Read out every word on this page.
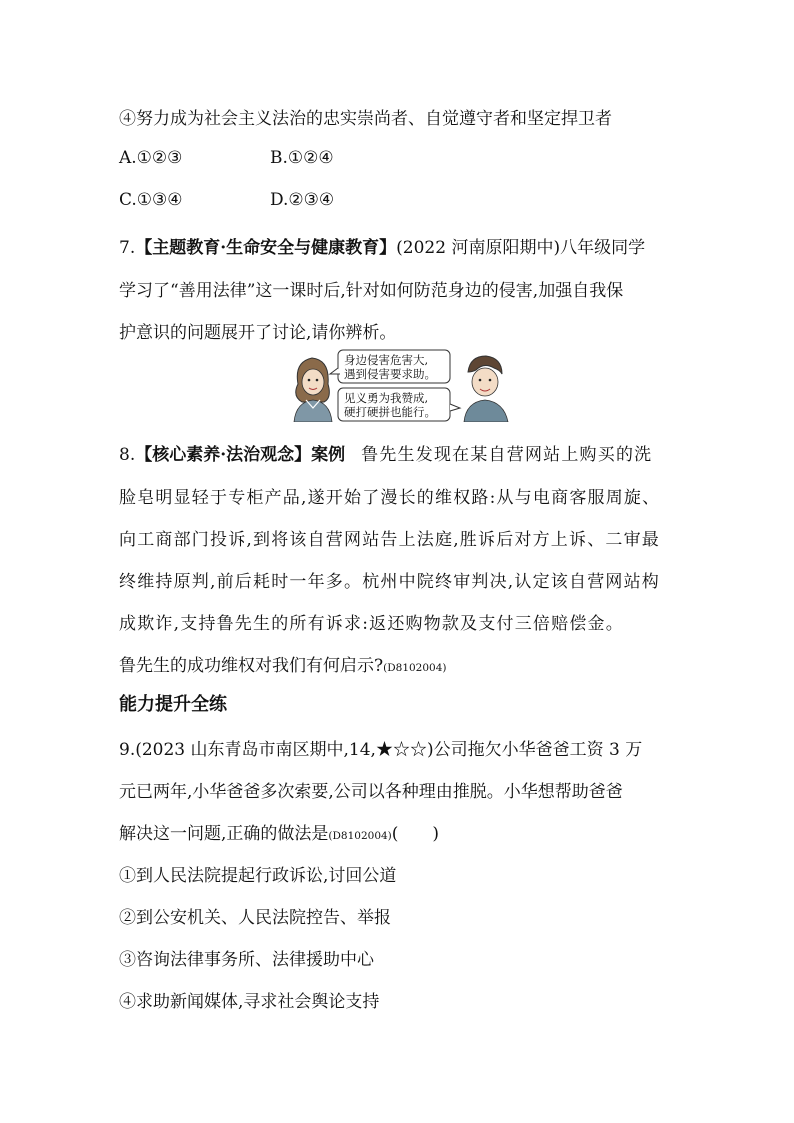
④努力成为社会主义法治的忠实崇尚者、自觉遵守者和坚定捍卫者
A.①②③	B.①②④
C.①③④	D.②③④
7.【主题教育·生命安全与健康教育】(2022 河南原阳期中)八年级同学
学习了“善用法律”这一课时后,针对如何防范身边的侵害,加强自我保
护意识的问题展开了讨论,请你辨析。
身边侵害危害大,
遇到侵害要求助。
见义勇为我赞成,
硬打硬拼也能行。
8.【核心素养·法治观念】案例 鲁先生发现在某自营网站上购买的洗
脸皂明显轻于专柜产品,遂开始了漫长的维权路:从与电商客服周旋、
向工商部门投诉,到将该自营网站告上法庭,胜诉后对方上诉、二审最
终维持原判,前后耗时一年多。杭州中院终审判决,认定该自营网站构
成欺诈,支持鲁先生的所有诉求:返还购物款及支付三倍赔偿金。
鲁先生的成功维权对我们有何启示?(D8102004)
能力提升全练
9.(2023 山东青岛市南区期中,14,★☆☆)公司拖欠小华爸爸工资 3 万
元已两年,小华爸爸多次索要,公司以各种理由推脱。小华想帮助爸爸
解决这一问题,正确的做法是(D8102004)(　　)
①到人民法院提起行政诉讼,讨回公道
②到公安机关、人民法院控告、举报
③咨询法律事务所、法律援助中心
④求助新闻媒体,寻求社会舆论支持
